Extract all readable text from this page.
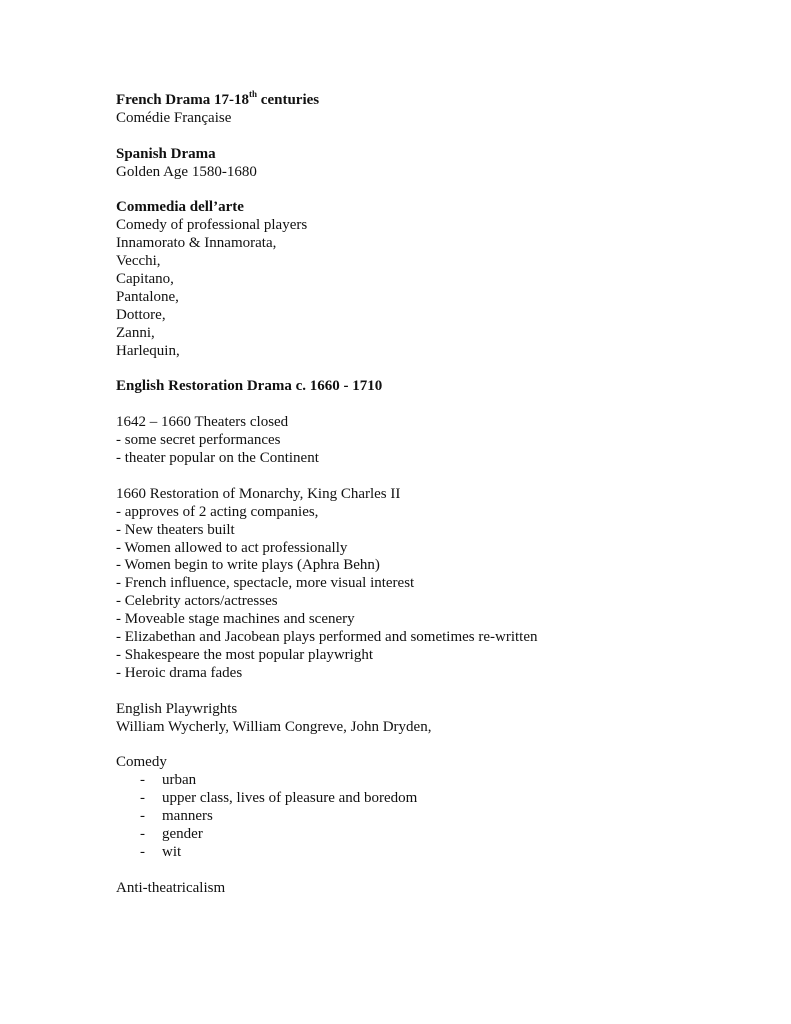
French Drama 17-18th centuries
Comédie Française
Spanish Drama
Golden Age 1580-1680
Commedia dell’arte
Comedy of professional players
Innamorato & Innamorata,
Vecchi,
Capitano,
Pantalone,
Dottore,
Zanni,
Harlequin,
English Restoration Drama c. 1660 - 1710
1642 – 1660 Theaters closed
- some secret performances
- theater popular on the Continent
1660 Restoration of Monarchy, King Charles II
- approves of 2 acting companies,
- New theaters built
- Women allowed to act professionally
- Women begin to write plays (Aphra Behn)
- French influence, spectacle, more visual interest
- Celebrity actors/actresses
- Moveable stage machines and scenery
- Elizabethan and Jacobean plays performed and sometimes re-written
- Shakespeare the most popular playwright
- Heroic drama fades
English Playwrights
William Wycherly, William Congreve, John Dryden,
Comedy
-	urban
-	upper class, lives of pleasure and boredom
-	manners
-	gender
-	wit
Anti-theatricalism
